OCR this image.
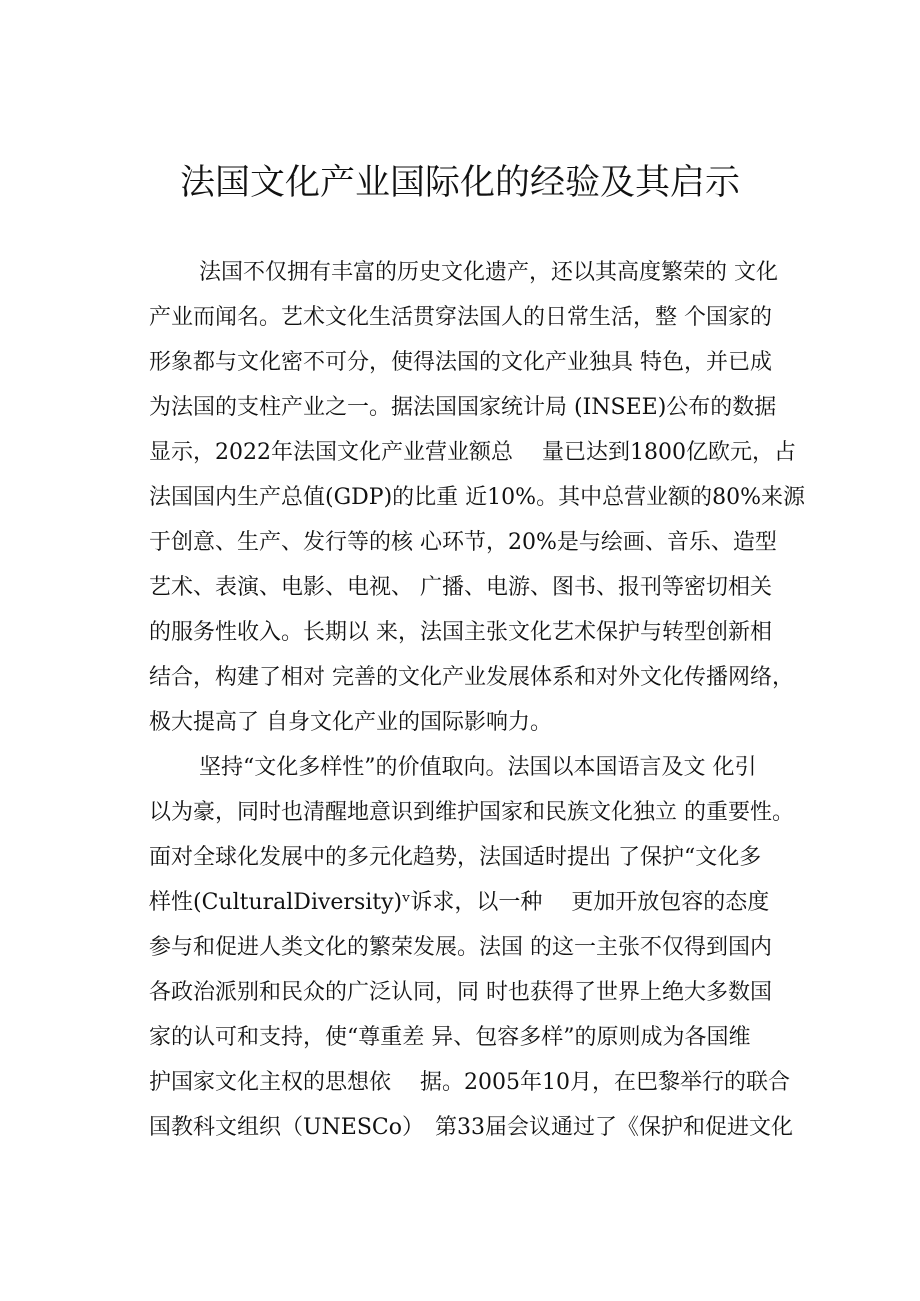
法国文化产业国际化的经验及其启示
法国不仅拥有丰富的历史文化遗产，还以其高度繁荣的 文化
产业而闻名。艺术文化生活贯穿法国人的日常生活，整 个国家的
形象都与文化密不可分，使得法国的文化产业独具 特色，并已成
为法国的支柱产业之一。据法国国家统计局 (INSEE)公布的数据
显示，2022年法国文化产业营业额总　 量已达到1800亿欧元，占
法国国内生产总值(GDP)的比重 近10%。其中总营业额的80%来源
于创意、生产、发行等的核 心环节，20%是与绘画、音乐、造型
艺术、表演、电影、电视、 广播、电游、图书、报刊等密切相关
的服务性收入。长期以 来，法国主张文化艺术保护与转型创新相
结合，构建了相对 完善的文化产业发展体系和对外文化传播网络，
极大提高了 自身文化产业的国际影响力。
坚持“文化多样性”的价值取向。法国以本国语言及文 化引
以为豪，同时也清醒地意识到维护国家和民族文化独立 的重要性。
面对全球化发展中的多元化趋势，法国适时提出 了保护“文化多
样性(CulturalDiversity)ᵛ诉求，以一种　 更加开放包容的态度
参与和促进人类文化的繁荣发展。法国 的这一主张不仅得到国内
各政治派别和民众的广泛认同，同 时也获得了世界上绝大多数国
家的认可和支持，使“尊重差 异、包容多样”的原则成为各国维
护国家文化主权的思想依　 据。2005年10月，在巴黎举行的联合
国教科文组织（UNESCo）　第33届会议通过了《保护和促进文化
